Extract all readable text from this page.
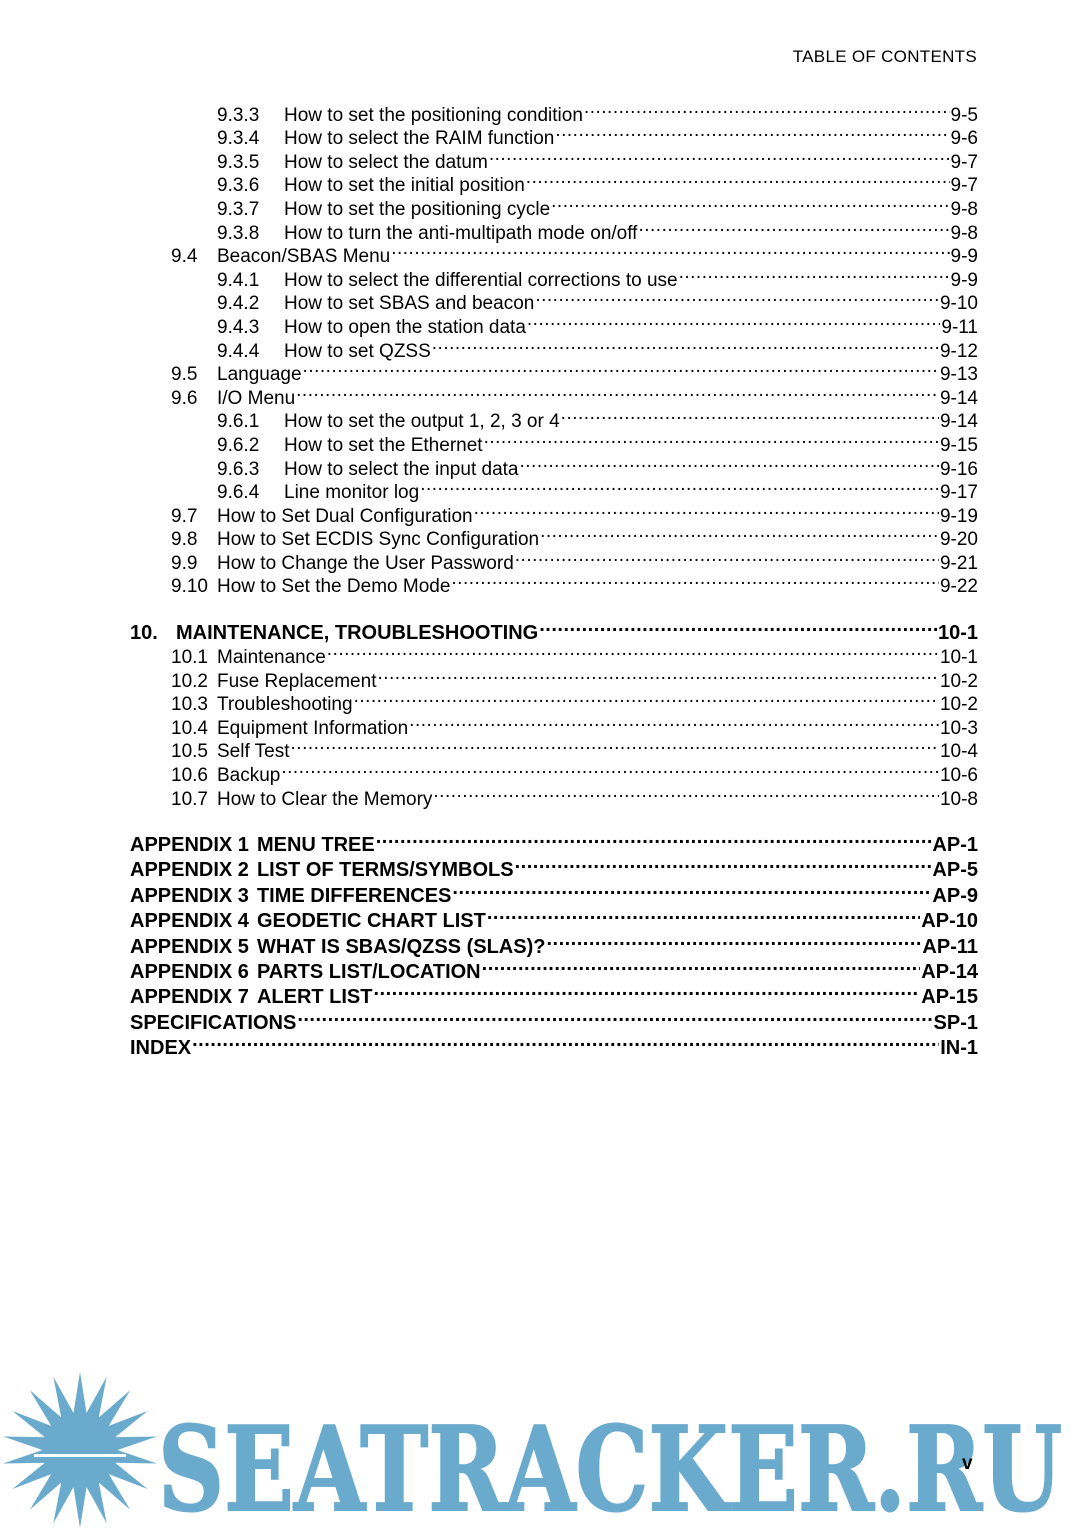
TABLE OF CONTENTS
9.3.3	How to set the positioning condition .....	9-5
9.3.4	How to select the RAIM function .....	9-6
9.3.5	How to select the datum .....	9-7
9.3.6	How to set the initial position .....	9-7
9.3.7	How to set the positioning cycle .....	9-8
9.3.8	How to turn the anti-multipath mode on/off .....	9-8
9.4	Beacon/SBAS Menu .....	9-9
9.4.1	How to select the differential corrections to use .....	9-9
9.4.2	How to set SBAS and beacon .....	9-10
9.4.3	How to open the station data .....	9-11
9.4.4	How to set QZSS .....	9-12
9.5	Language .....	9-13
9.6	I/O Menu .....	9-14
9.6.1	How to set the output 1, 2, 3 or 4 .....	9-14
9.6.2	How to set the Ethernet .....	9-15
9.6.3	How to select the input data .....	9-16
9.6.4	Line monitor log .....	9-17
9.7	How to Set Dual Configuration .....	9-19
9.8	How to Set ECDIS Sync Configuration .....	9-20
9.9	How to Change the User Password .....	9-21
9.10 How to Set the Demo Mode .....	9-22
10. MAINTENANCE, TROUBLESHOOTING .....	10-1
10.1 Maintenance .....	10-1
10.2 Fuse Replacement .....	10-2
10.3 Troubleshooting .....	10-2
10.4 Equipment Information .....	10-3
10.5 Self Test .....	10-4
10.6 Backup .....	10-6
10.7 How to Clear the Memory .....	10-8
APPENDIX 1 MENU TREE .....	AP-1
APPENDIX 2 LIST OF TERMS/SYMBOLS .....	AP-5
APPENDIX 3 TIME DIFFERENCES .....	AP-9
APPENDIX 4 GEODETIC CHART LIST .....	AP-10
APPENDIX 5 WHAT IS SBAS/QZSS (SLAS)? .....	AP-11
APPENDIX 6 PARTS LIST/LOCATION .....	AP-14
APPENDIX 7 ALERT LIST .....	AP-15
SPECIFICATIONS .....	SP-1
INDEX .....	IN-1
SEATRACKER.RU
v
